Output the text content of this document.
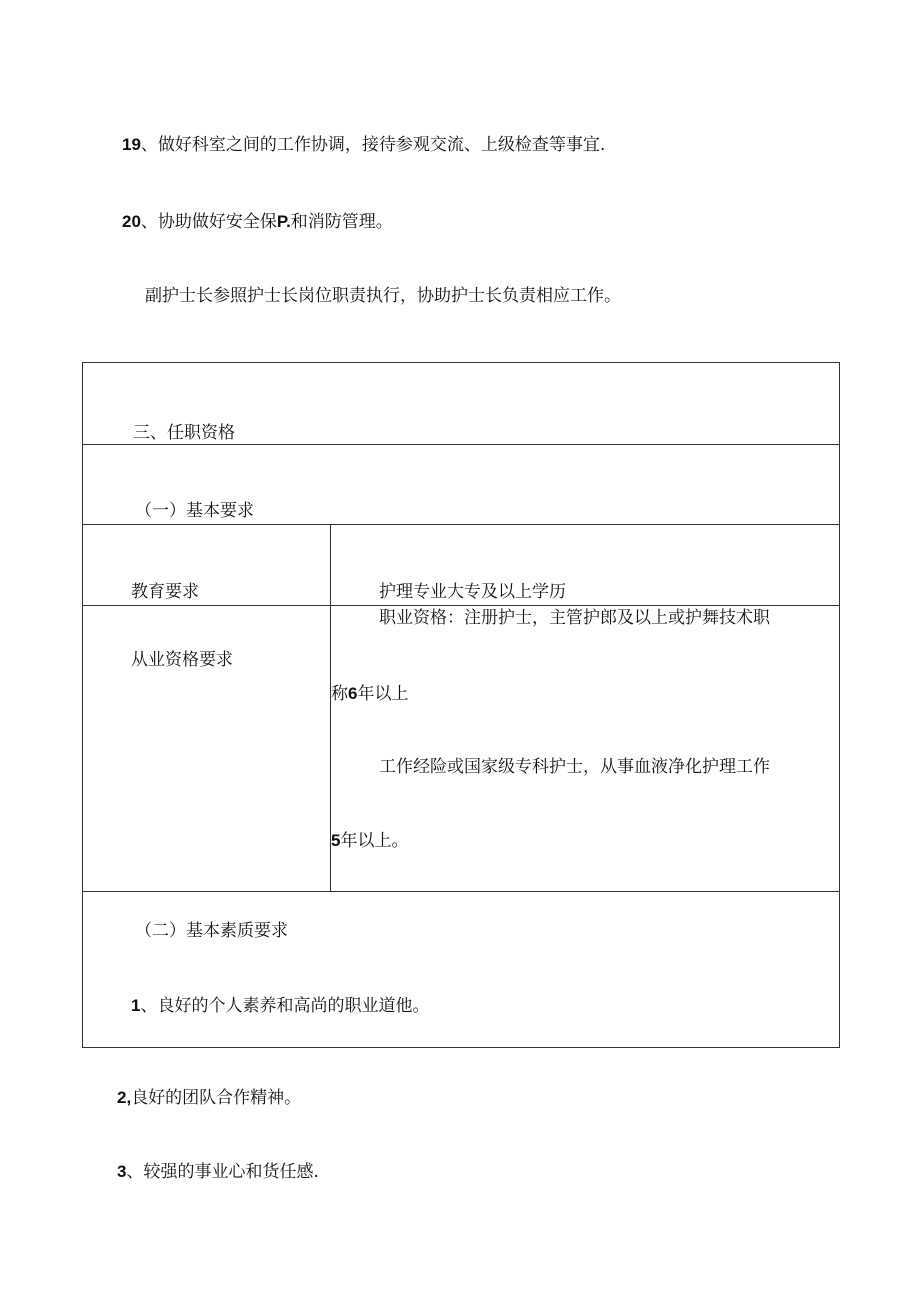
19、做好科室之间的工作协调，接待参观交流、上级检查等事宜.
20、协助做好安全保P.和消防管理。
副护士长参照护士长岗位职责执行，协助护士长负责相应工作。
三、任职资格
（一）基本要求
教育要求	护理专业大专及以上学历
从业资格要求
职业资格：注册护士，主管护郎及以上或护舞技术职
称6年以上
工作经险或国家级专科护士，从事血液净化护理工作
5年以上。
（二）基本素质要求
1、良好的个人素养和高尚的职业道他。
2,良好的团队合作精神。
3、较强的事业心和货任感.
